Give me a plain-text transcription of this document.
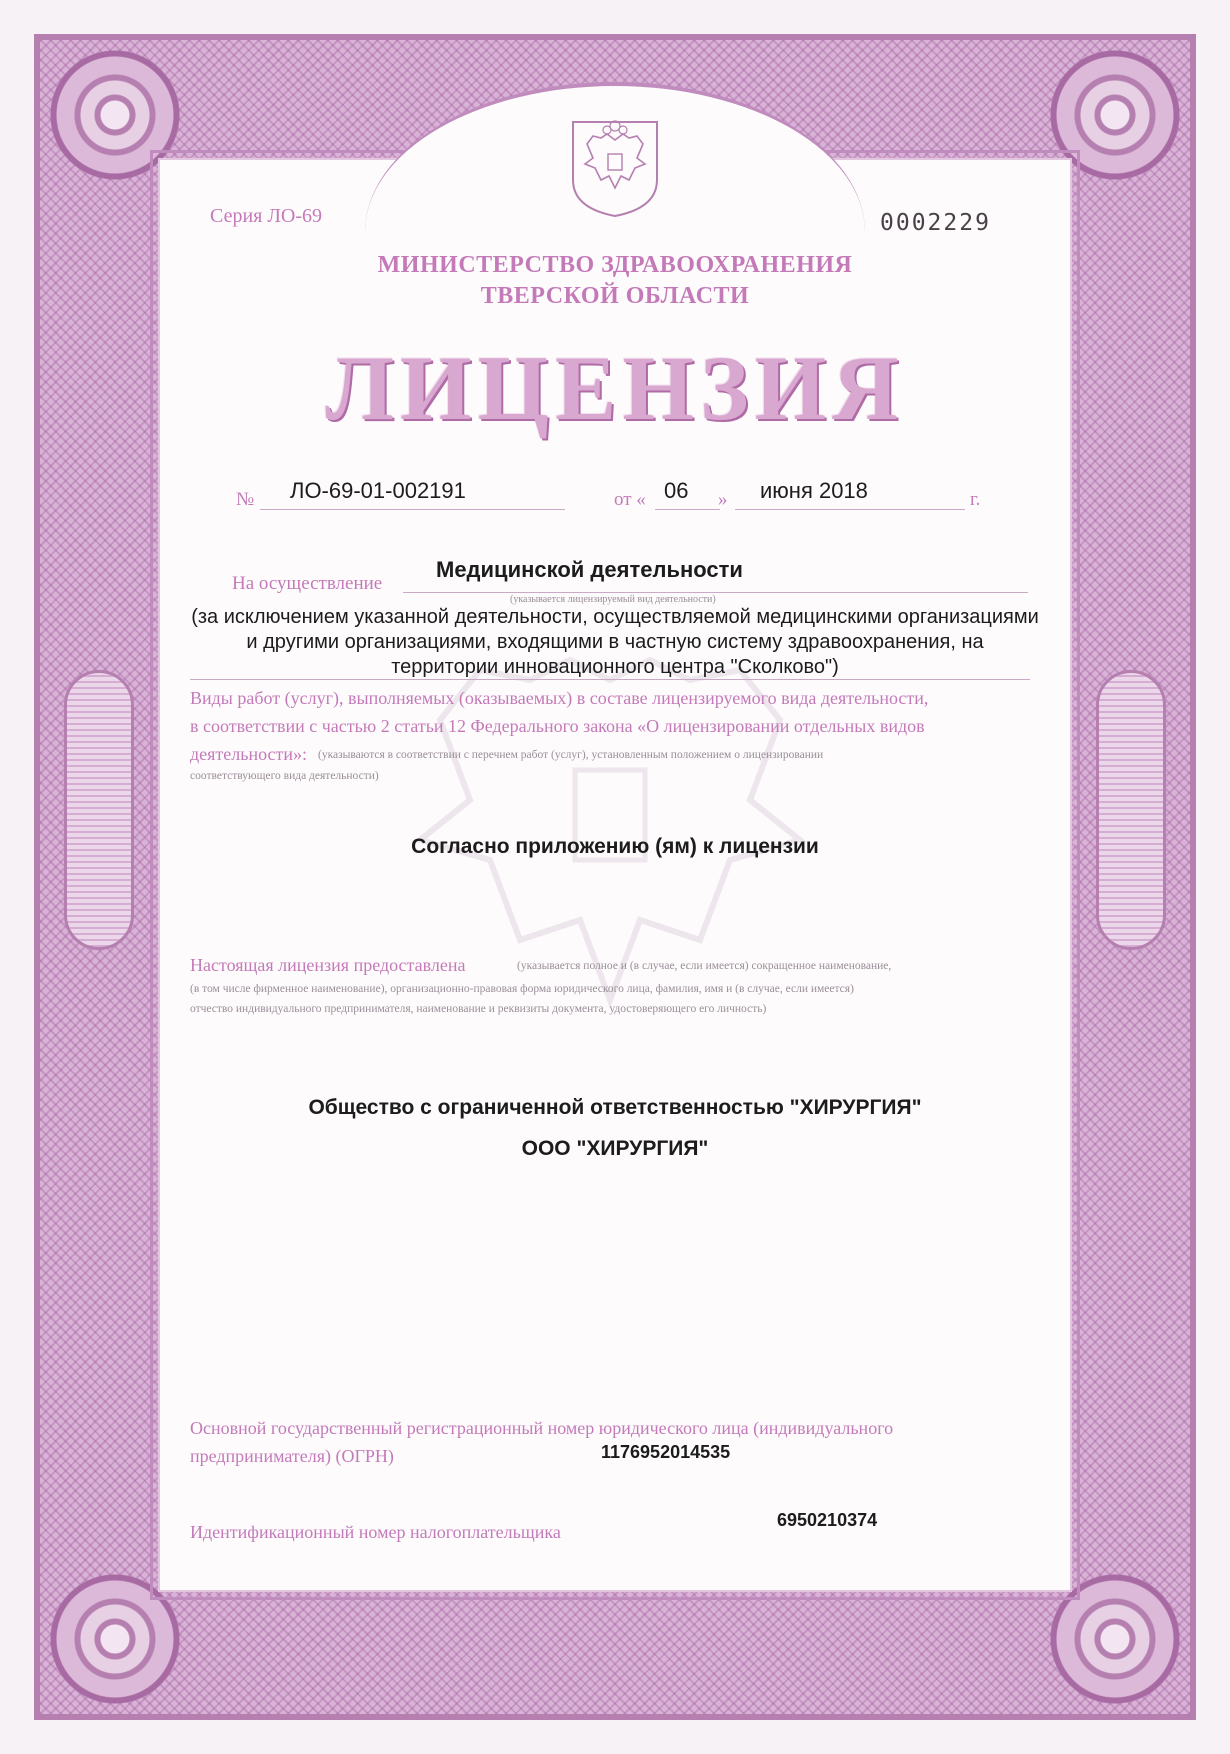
Серия ЛО-69	0002229
МИНИСТЕРСТВО ЗДРАВООХРАНЕНИЯ
ТВЕРСКОЙ ОБЛАСТИ
ЛИЦЕНЗИЯ
№ ЛО-69-01-002191	от « 06 » июня 2018	г.
На осуществление
Медицинской деятельности
(указывается лицензируемый вид деятельности)
(за исключением указанной деятельности, осуществляемой медицинскими организациями
и другими организациями, входящими в частную систему здравоохранения, на
территории инновационного центра "Сколково")
Виды работ (услуг), выполняемых (оказываемых) в составе лицензируемого вида деятельности,
в соответствии с частью 2 статьи 12 Федерального закона «О лицензировании отдельных видов
деятельности»: (указываются в соответствии с перечнем работ (услуг), установленным положением о лицензировании
соответствующего вида деятельности)
Согласно приложению (ям) к лицензии
Настоящая лицензия предоставлена	(указывается полное и (в случае, если имеется) сокращенное наименование,
(в том числе фирменное наименование), организационно-правовая форма юридического лица, фамилия, имя и (в случае, если имеется)
отчество индивидуального предпринимателя, наименование и реквизиты документа, удостоверяющего его личность)
Общество с ограниченной ответственностью "ХИРУРГИЯ"
ООО "ХИРУРГИЯ"
Основной государственный регистрационный номер юридического лица (индивидуального
предпринимателя) (ОГРН)	1176952014535
Идентификационный номер налогоплательщика
6950210374
